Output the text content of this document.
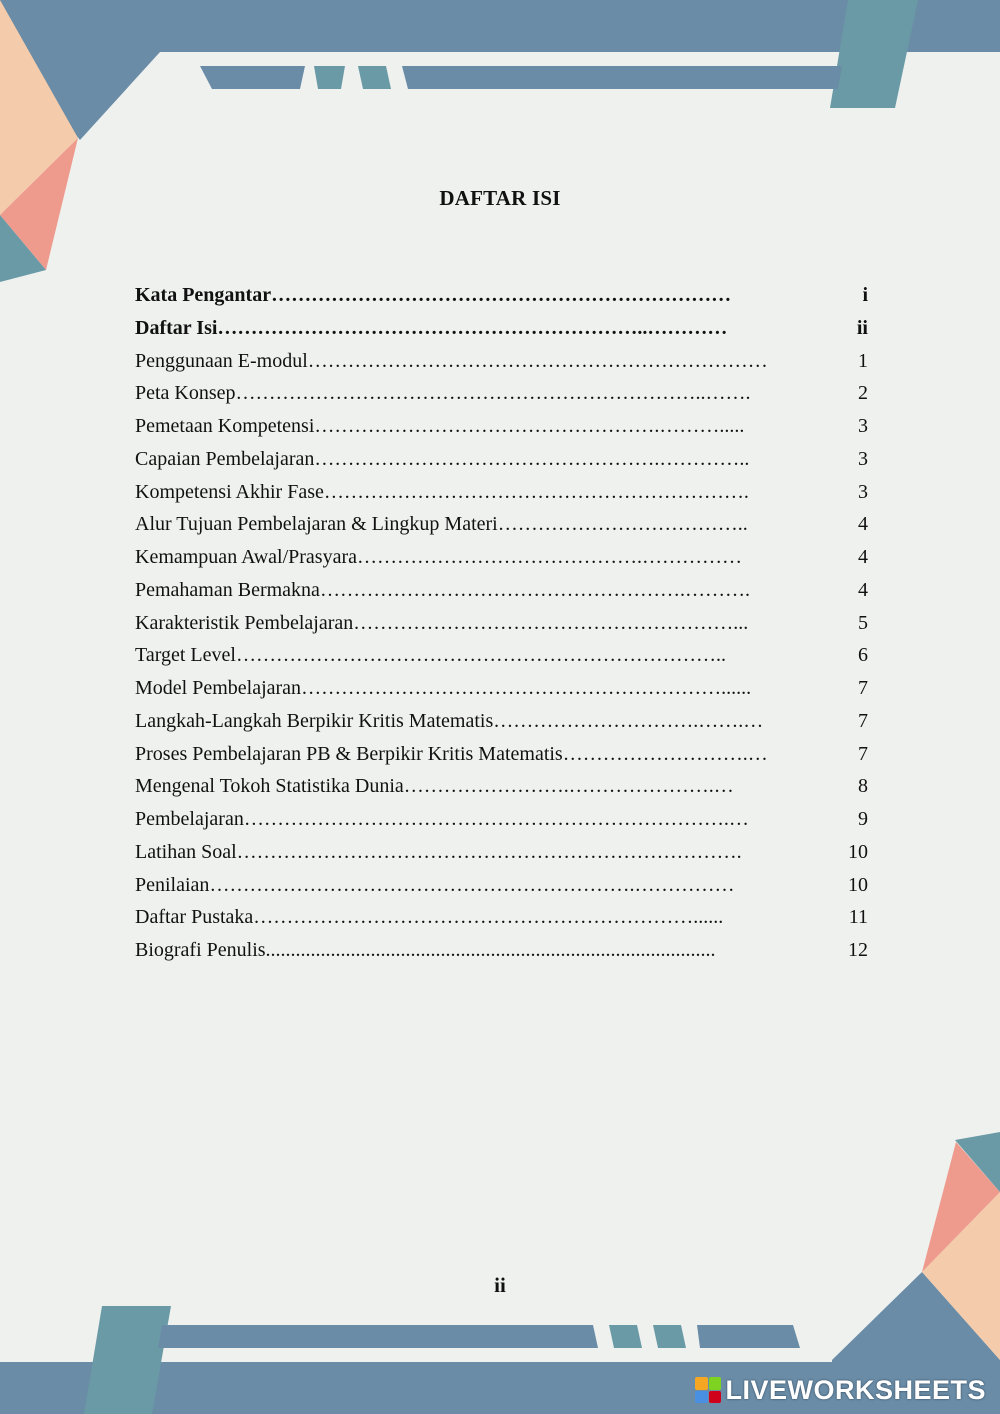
DAFTAR ISI
Kata Pengantar ……………………………………………………………	i
Daftar Isi ………………………………………………………..…………	ii
Penggunaan E-modul ……………………………………………………………	1
Peta Konsep ……………………………………………………………..…….	2
Pemetaan Kompetensi …………………………………………….……….....	3
Capaian Pembelajaran …………………………………………….…………..	3
Kompetensi Akhir Fase ……………………………………………………….	3
Alur Tujuan Pembelajaran & Lingkup Materi ………………………………..	4
Kemampuan Awal/Prasyara …………………………………….……………	4
Pemahaman Bermakna ……………………………………………….……….	4
Karakteristik Pembelajaran …………………………………………………...	5
Target Level ………………………………………………………………..	6
Model Pembelajaran ………………………………………………………......	7
Langkah-Langkah Berpikir Kritis Matematis ………………………….…….…	7
Proses Pembelajaran PB & Berpikir Kritis Matematis ……………………….…	7
Mengenal Tokoh Statistika Dunia …………………….………………….…	8
Pembelajaran ……………………………………………………………….…	9
Latihan Soal ………………………………………………………………….	10
Penilaian ……………………………………………………….……………	10
Daftar Pustaka …………………………………………………………......	11
Biografi Penulis ..........................................................................................	12
ii
LIVEWORKSHEETS
